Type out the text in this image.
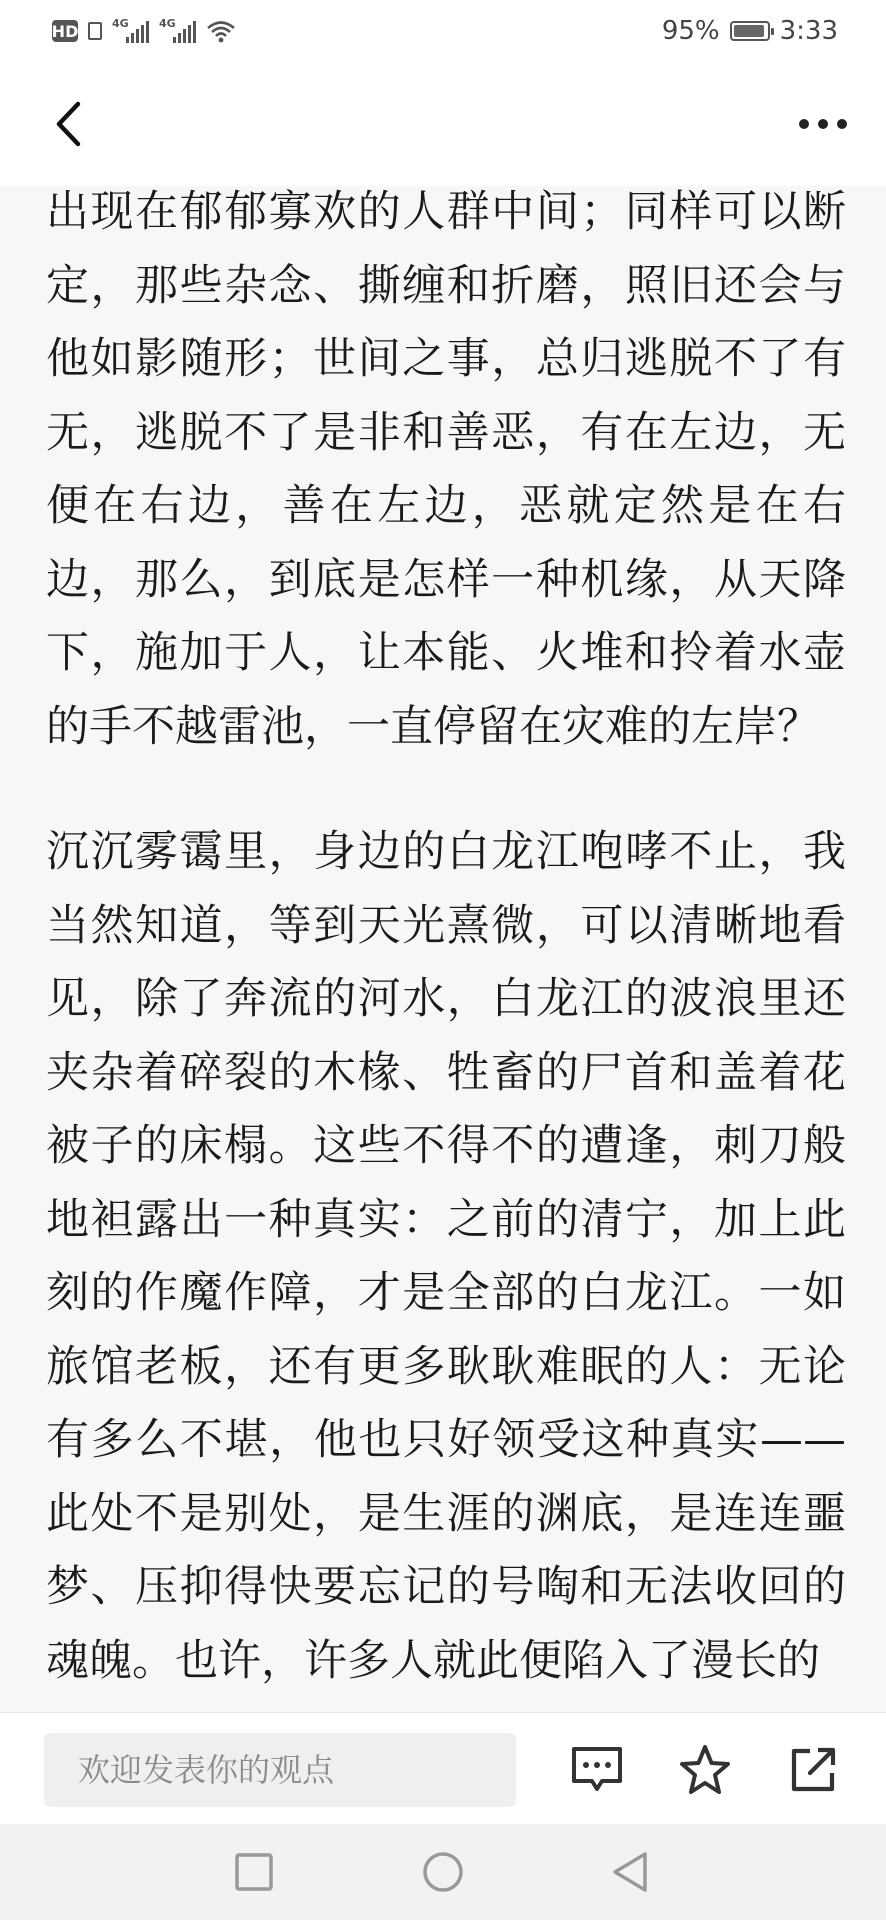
HD	4G	4G	95% 3:33

出现在郁郁寡欢的人群中间；同样可以断定，那些杂念、撕缠和折磨，照旧还会与他如影随形；世间之事，总归逃脱不了有无，逃脱不了是非和善恶，有在左边，无便在右边，善在左边，恶就定然是在右边，那么，到底是怎样一种机缘，从天降下，施加于人，让本能、火堆和拎着水壶的手不越雷池，一直停留在灾难的左岸？

沉沉雾霭里，身边的白龙江咆哮不止，我当然知道，等到天光熹微，可以清晰地看见，除了奔流的河水，白龙江的波浪里还夹杂着碎裂的木椽、牲畜的尸首和盖着花被子的床榻。这些不得不的遭逢，刺刀般地袒露出一种真实：之前的清宁，加上此刻的作魔作障，才是全部的白龙江。一如旅馆老板，还有更多耿耿难眠的人：无论有多么不堪，他也只好领受这种真实——此处不是别处，是生涯的渊底，是连连噩梦、压抑得快要忘记的号啕和无法收回的魂魄。也许，许多人就此便陷入了漫长的

欢迎发表你的观点
